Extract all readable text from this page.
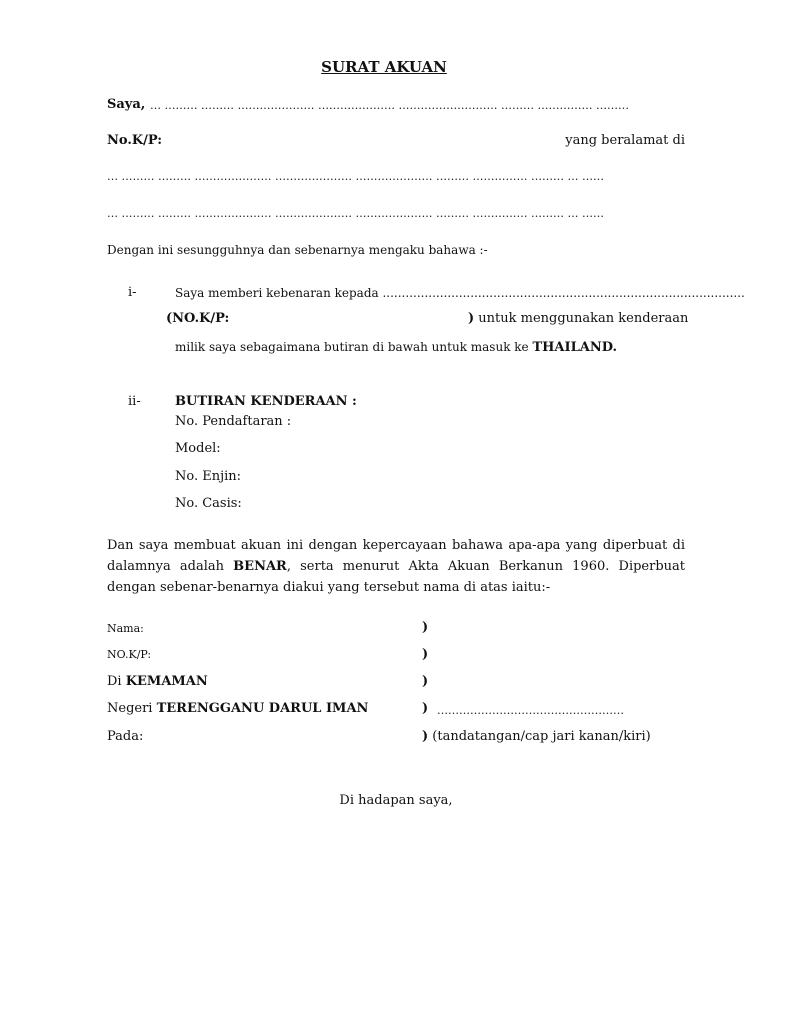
SURAT AKUAN
Saya, … ……… ……… ………………… ………………… ……………………… ……… …………… ………
No.K/P:	yang beralamat di
… ……… ……… ………………… ………………… ………………… ……… …………… ……… … ……
… ……… ……… ………………… ………………… ………………… ……… …………… ……… … ……
Dengan ini sesungguhnya dan sebenarnya mengaku bahawa :-
i-	Saya memberi kebenaran kepada ...............................................................................................
(NO.K/P:	) untuk menggunakan kenderaan
milik saya sebagaimana butiran di bawah untuk masuk ke THAILAND.
ii-	BUTIRAN KENDERAAN :
No. Pendaftaran :
Model:
No. Enjin:
No. Casis:
Dan saya membuat akuan ini dengan kepercayaan bahawa apa-apa yang diperbuat di dalamnya adalah BENAR, serta menurut Akta Akuan Berkanun 1960. Diperbuat dengan sebenar-benarnya diakui yang tersebut nama di atas iaitu:-
Nama:	)
NO.K/P:	)
Di KEMAMAN	)
Negeri TERENGGANU DARUL IMAN	) ……………………………………………
Pada:	) (tandatangan/cap jari kanan/kiri)
Di hadapan saya,
